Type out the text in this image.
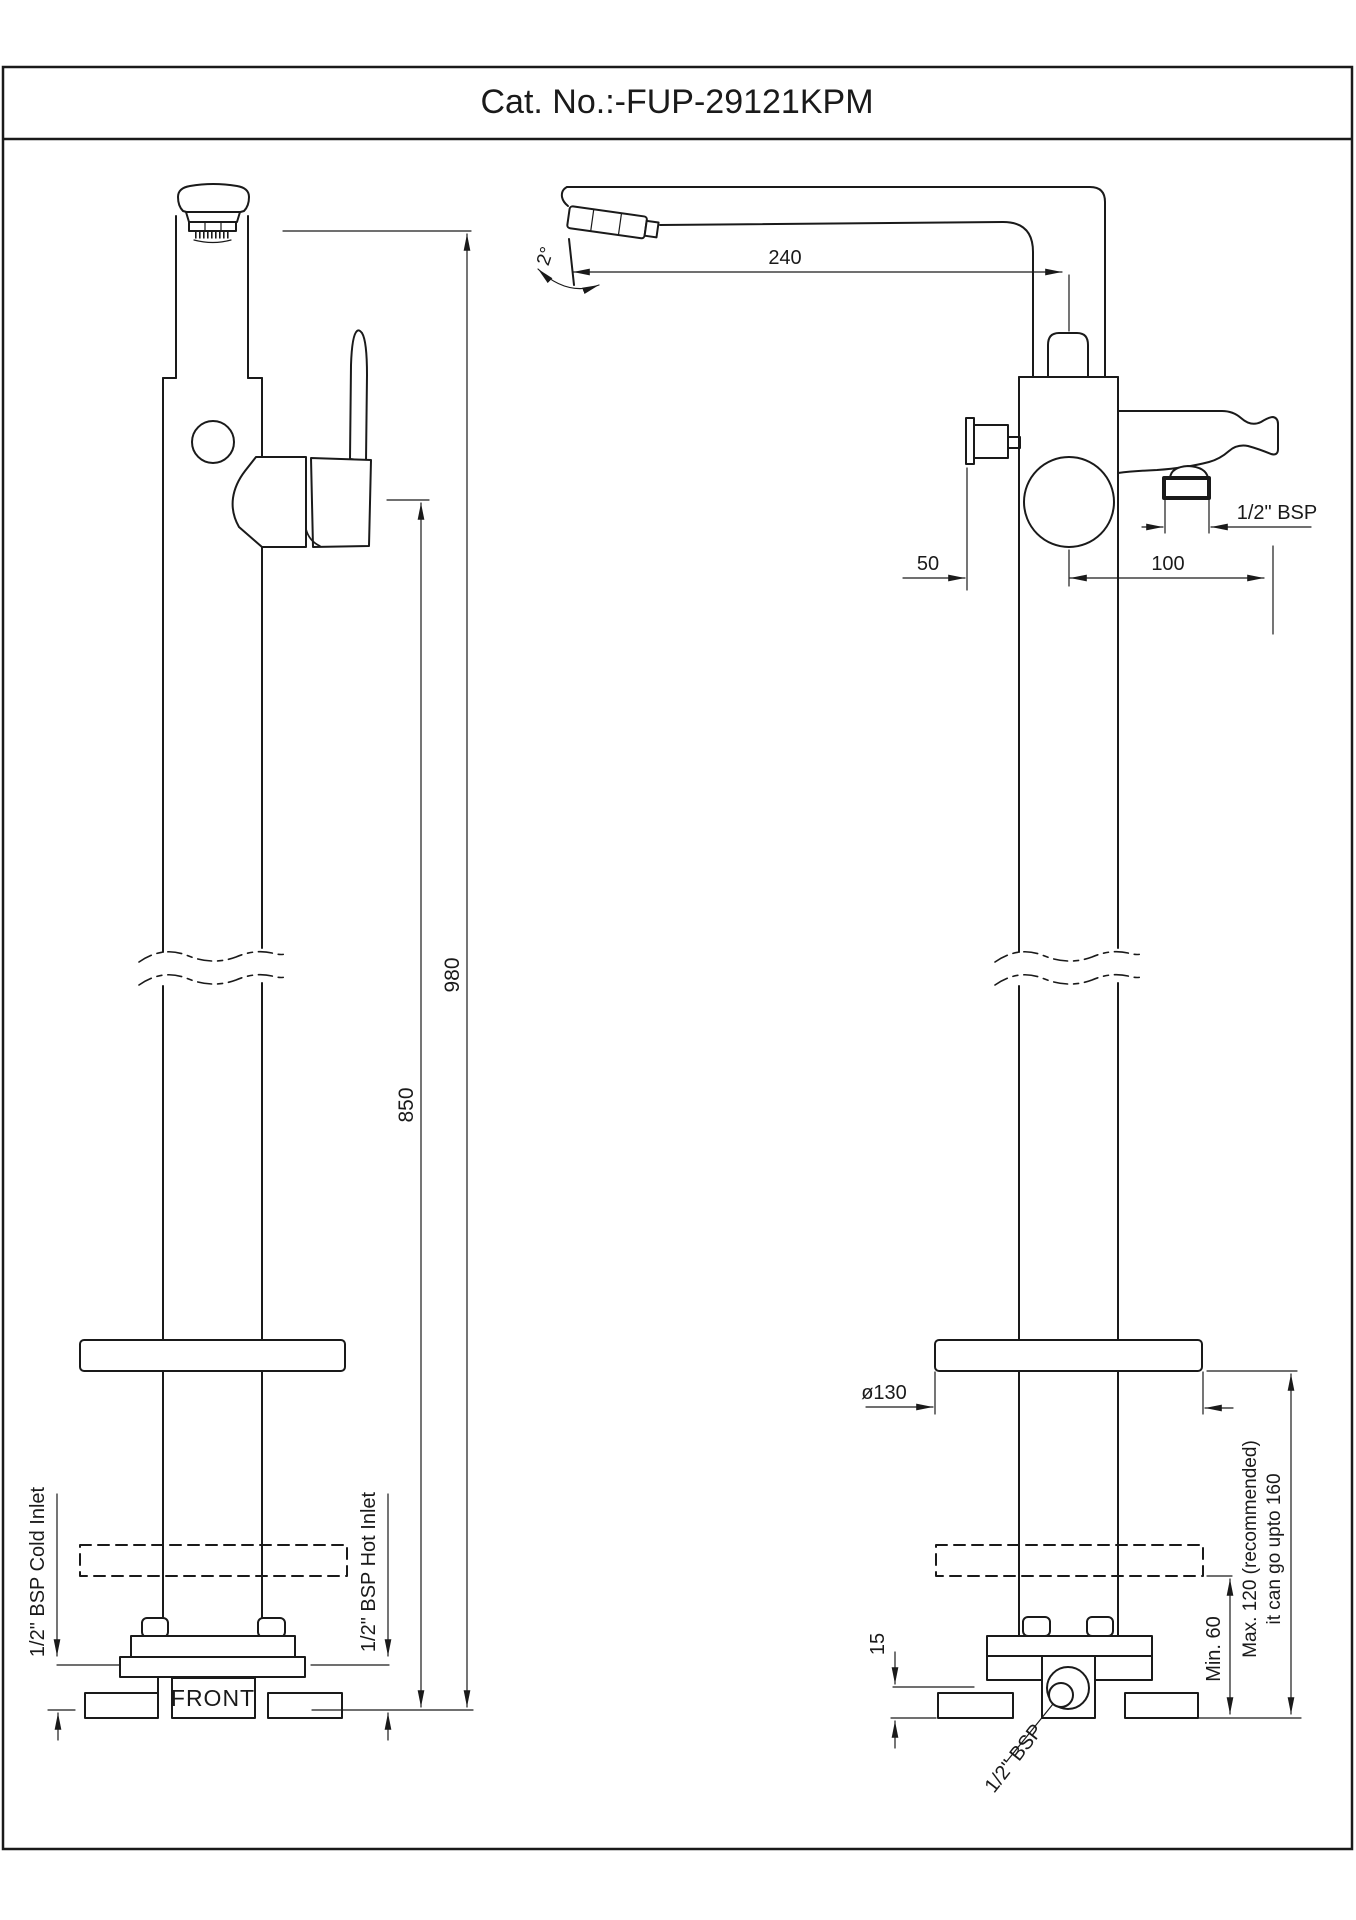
Cat. No.:-FUP-29121KPM
FRONT
980
850
1/2" BSP Cold Inlet	1/2" BSP Hot Inlet
2°	240
50	100
1/2" BSP
ø130
Min. 60 Max. 120 (recommended) it can go upto 160
15
1/2" BSP
